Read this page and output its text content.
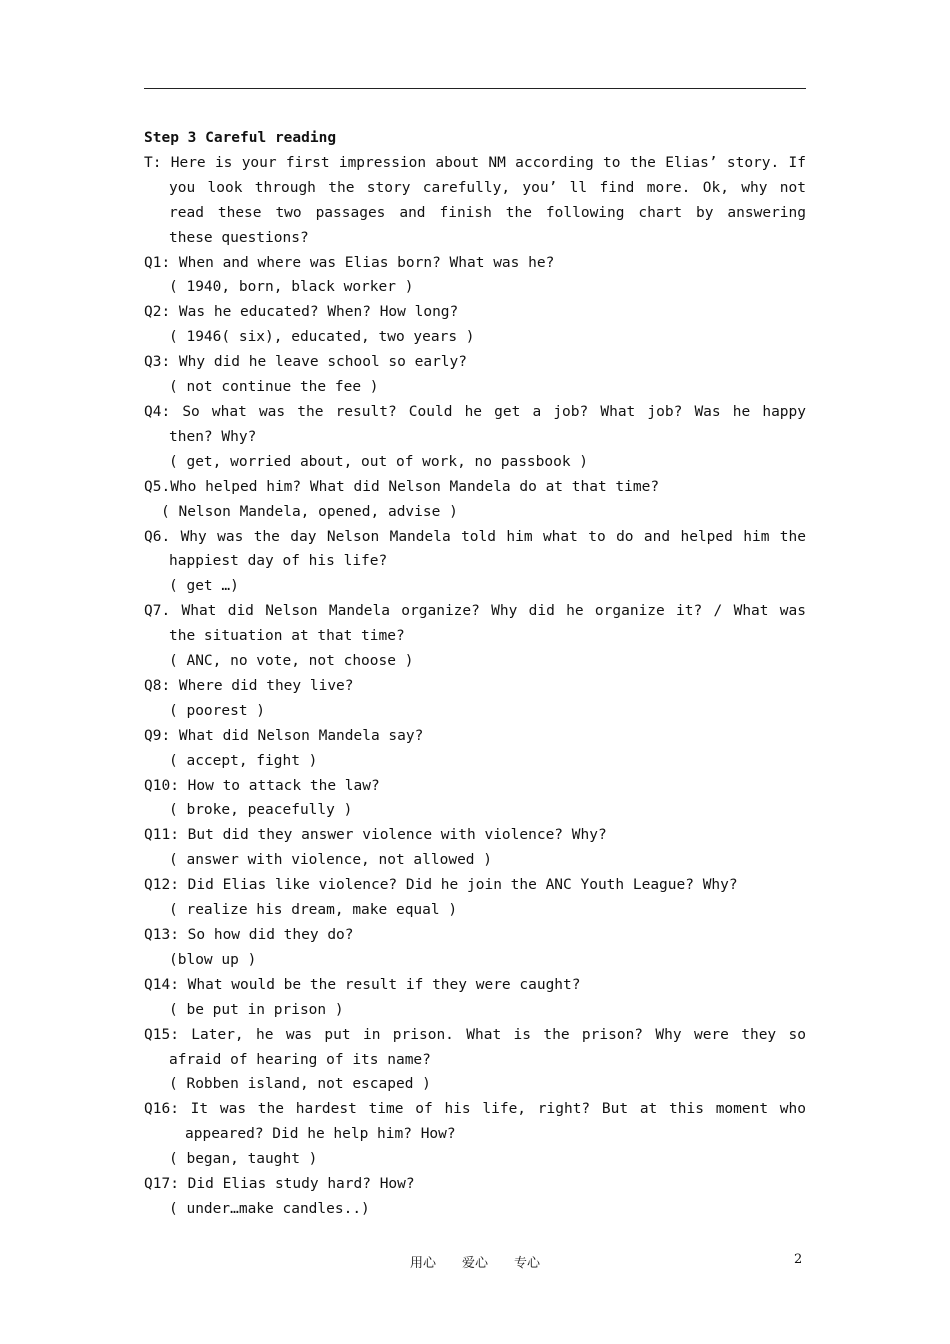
Step 3 Careful reading
T: Here is your first impression about NM according to the Elias’ story. If you look through the story carefully, you’ ll find more. Ok, why not read these two passages and finish the following chart by answering these questions?
Q1: When and where was Elias born? What was he?
( 1940, born, black worker )
Q2: Was he educated? When? How long?
( 1946( six), educated, two years )
Q3: Why did he leave school so early?
( not continue the fee )
Q4: So what was the result? Could he get a job? What job? Was he happy then? Why?
( get, worried about, out of work, no passbook )
Q5.Who helped him? What did Nelson Mandela do at that time?
( Nelson Mandela, opened, advise )
Q6. Why was the day Nelson Mandela told him what to do and helped him the happiest day of his life?
( get …)
Q7. What did Nelson Mandela organize? Why did he organize it? / What was the situation at that time?
( ANC, no vote, not choose )
Q8: Where did they live?
( poorest )
Q9: What did Nelson Mandela say?
( accept, fight )
Q10: How to attack the law?
( broke, peacefully )
Q11: But did they answer violence with violence? Why?
( answer with violence, not allowed )
Q12: Did Elias like violence? Did he join the ANC Youth League? Why?
( realize his dream, make equal )
Q13: So how did they do?
(blow up )
Q14: What would be the result if they were caught?
( be put in prison )
Q15: Later, he was put in prison. What is the prison? Why were they so afraid of hearing of its name?
( Robben island, not escaped )
Q16: It was the hardest time of his life, right? But at this moment who appeared? Did he help him? How?
( began, taught )
Q17: Did Elias study hard? How?
( under…make candles..)
用心　　爱心　　专心	2
